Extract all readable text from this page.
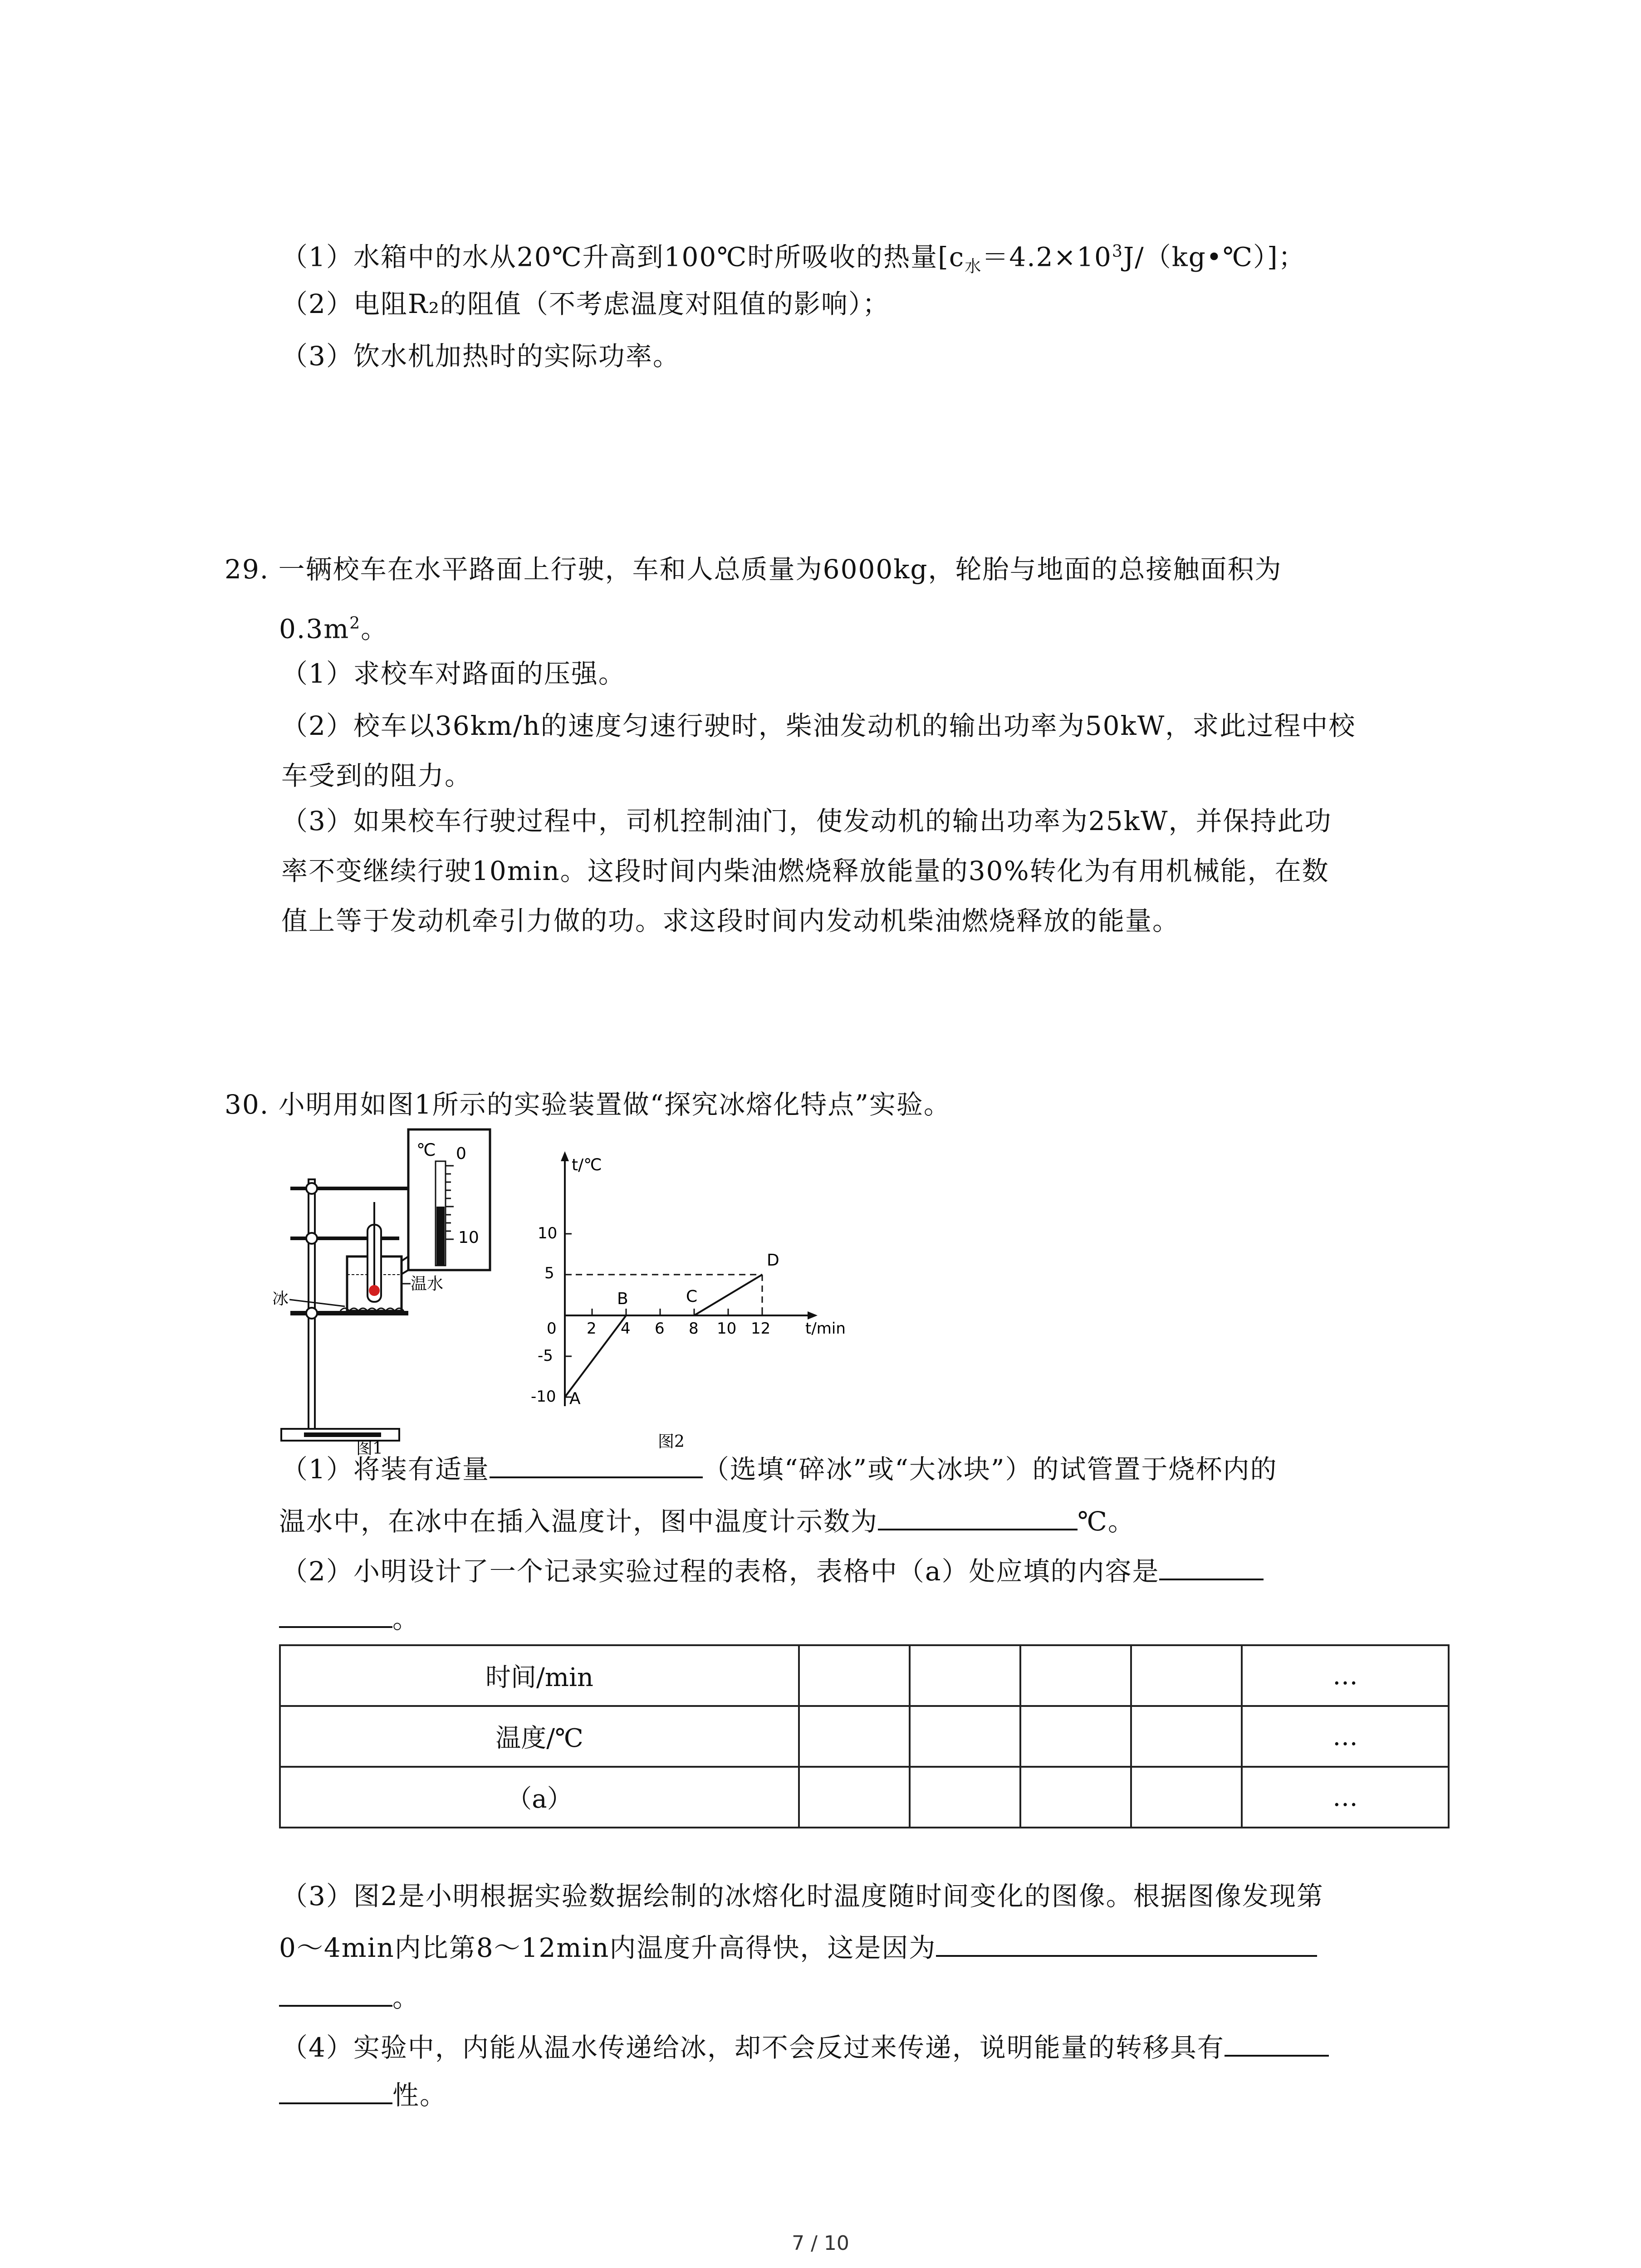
（1）水箱中的水从20℃升高到100℃时所吸收的热量$[c_水=4.2\times 10^3J/(kg•℃)]$；
（2）电阻R₂的阻值（不考虑温度对阻值的影响）；
（3）饮水机加热时的实际功率。
29. 一辆校车在水平路面上行驶，车和人总质量为6000kg，轮胎与地面的总接触面积为
$0.3m^2$。
（1）求校车对路面的压强。
（2）校车以36km/h的速度匀速行驶时，柴油发动机的输出功率为50kW，求此过程中校
车受到的阻力。
（3）如果校车行驶过程中，司机控制油门，使发动机的输出功率为25kW，并保持此功
率不变继续行驶10min。这段时间内柴油燃烧释放能量的30%转化为有用机械能，在数
值上等于发动机牵引力做的功。求这段时间内发动机柴油燃烧释放的能量。
30. 小明用如图1所示的实验装置做“探究冰熔化特点”实验。
℃ 0
10
冰
温水
图1
t/℃
t/min
0
10
5
-5
-10
2 4 6 8 10 12
A
B	C
D
图2
（1）将装有适量	（选填“碎冰”或“大冰块”）的试管置于烧杯内的
温水中，在冰中在插入温度计，图中温度计示数为	℃。
（2）小明设计了一个记录实验过程的表格，表格中（a）处应填的内容是
。
时间/min					…
温度/℃					…
（a）					…
（3）图2是小明根据实验数据绘制的冰熔化时温度随时间变化的图像。根据图像发现第
0～4min内比第8～12min内温度升高得快，这是因为
。
（4）实验中，内能从温水传递给冰，却不会反过来传递，说明能量的转移具有
性。
7 / 10
